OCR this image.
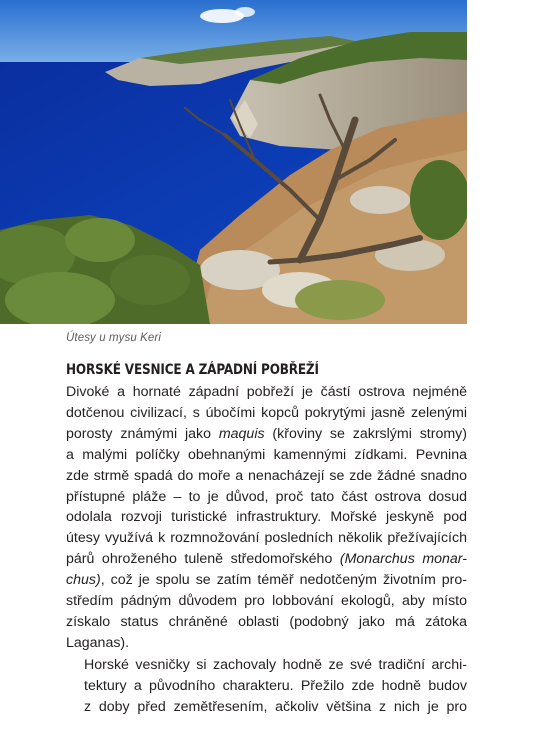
Útesy u mysu Keri
HORSKÉ VESNICE A ZÁPADNÍ POBŘEŽÍ

Divoké a hornaté západní pobřeží je částí ostrova nejméně
dotčenou civilizací, s úbočími kopců pokrytými jasně zelenými
porosty známými jako maquis (křoviny se zakrslými stromy)
a malými políčky obehnanými kamennými zídkami. Pevnina
zde strmě spadá do moře a nenacházejí se zde žádné snadno
přístupné pláže – to je důvod, proč tato část ostrova dosud
odolala rozvoji turistické infrastruktury. Mořské jeskyně pod
útesy využívá k rozmnožování posledních několik přežívajících
párů ohroženého tuleně středomořského (Monarchus monar-
chus), což je spolu se zatím téměř nedotčeným životním pro-
středím pádným důvodem pro lobbování ekologů, aby místo
získalo status chráněné oblasti (podobný jako má zátoka
Laganas).

Horské vesničky si zachovaly hodně ze své tradiční archi-
tektury a původního charakteru. Přežilo zde hodně budov
z doby před zemětřesením, ačkoliv většina z nich je pro
